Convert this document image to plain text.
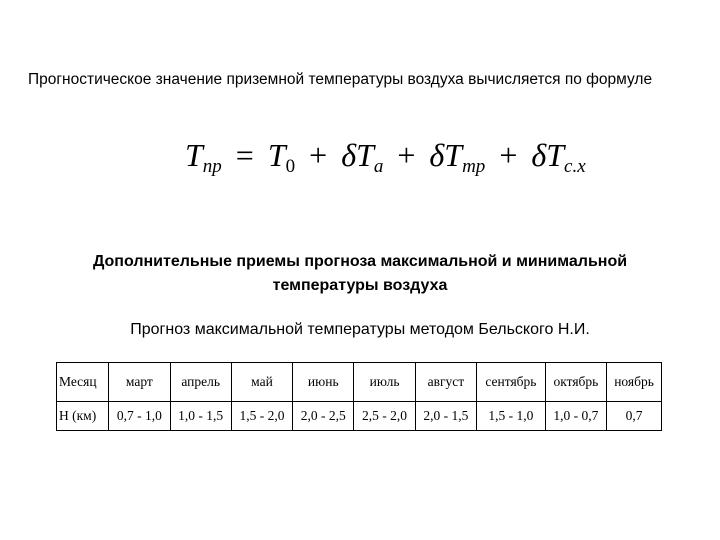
Прогностическое значение приземной температуры воздуха вычисляется по формуле
$T_{пр} = T_0 + \delta T_a + \delta T_{mp} + \delta T_{c.x}$
Дополнительные приемы прогноза максимальной и минимальной температуры воздуха
Прогноз максимальной температуры методом Бельского Н.И.
Месяц	март	апрель	май	июнь	июль	август	сентябрь	октябрь	ноябрь
Н (км)	0,7 - 1,0	1,0 - 1,5	1,5 - 2,0	2,0 - 2,5	2,5 - 2,0	2,0 - 1,5	1,5 - 1,0	1,0 - 0,7	0,7
